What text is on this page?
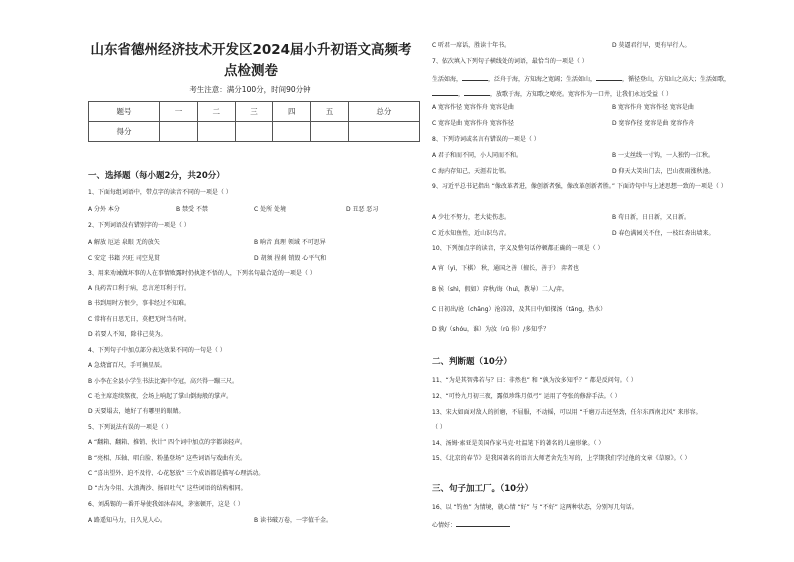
山东省德州经济技术开发区2024届小升初语文高频考点检测卷
考生注意：满分100分，时间90分钟
题号	一	二	三	四	五	总分
得分						
一、选择题（每小题2分，共20分）
1、下面每组词语中，带点字的读音不同的一项是（ ）
A 分外 本分	B 禁受 不禁	C 处所 处境	D 丑恶 恶习
2、下列词语没有错别字的一项是（ ）
A 解放 厄运 泉眼 无的放矢	B 晌音 真理 领域 不可思异
C 安定 书籍 兴旺 司空见贯	D 胡须 捏刹 销毁 心平气和
3、用来劝诫做坏事的人在事情败露时仍执迷不悟的人，下列名句最合适的一项是（ ）
A 良药苦口利于病，忠言逆耳利于行。
B 书到用时方恨少，事非经过不知难。
C 常将有日思无日，莫把无时当有时。
D 若要人不知，除非己莫为。
4、下列句子中加点部分表达效果不同的一句是（ ）
A 急烧富百尺，手可摘星辰。
B 小李在全县小学生书法比赛中夺冠，高兴得一蹦三尺。
C 毛主席连续熬夜，会场上响起了掌山倒海般的掌声。
D 天要塌去，她好了有哪里的眼睛。
5、下列说法有误的一项是（ ）
A “翻箱、翻箱、推销、伙计” 四个词中加点的字都读轻声。
B “亮相、压轴、唱白脸、粉墨登场” 这些词语与戏曲有关。
C “喜出望外、迫不及待、心花怒放” 三个成语都是描写心理活动。
D “古为今用、大浪淘沙、扬眉吐气” 这些词语的结构相同。
6、刘禹锡的一番开导使我如沐春风，茅塞顿开，这是（ ）
A 路遥知马力，日久见人心。	B 读书破万卷，一字值千金。
C 听君一席话，胜读十年书。	D 莫逼君行早，更有早行人。
7、依次填入下列句子横线处的词语，最恰当的一项是（ ）
生活如海，	，泛舟于海，方知海之宽阔；生活如山，	，循径登山，方知山之高大；生活如歌，
，	，放歌于海，方知歌之嘹亮。宽容作为一口井，让我们永远受益（ ）
A 宽容作径 宽容作舟 宽容是曲	B 宽容作舟 宽容作径 宽容是曲
C 宽容是曲 宽容作舟 宽容作径	D 宽容作径 宽容是曲 宽容作舟
8、下列诗词或名言有错误的一项是（ ）
A 君子和而不同，小人同而不和。	B 一丈丝线一寸钩，一人独钓一江秋。
C 海内存知己，天涯若比邻。	D 仰天大笑出门去，巴山夜雨涨秋池。
9、习近平总书记指出 “像改革者进，像创新者强，像改革创新者胜。” 下面诗句中与上述思想一致的一项是（ ）
A 少壮不努力，老大徒伤悲。	B 苟日新，日日新，又日新。
C 近水知鱼性，近山识鸟音。	D 春色满园关不住，一枝红杏出墙来。
10、下列加点字的读音，字义及整句话停顿都正确的一项是（ ）
A 宵（yì，下棋） 秋，通国之善（擅长，善于） 弈者也
B 侯（shì，假如）弈秋/诲（huì，教导）二人/弈。
C 日初出/沧（chāng）沧凉凉，及其日中/如探汤（tāng，热水）
D 孰/（shóu，谁）为汝（rǔ 你）/多知乎？
二、判断题（10分）
11、“为是其智弗若与？曰：非然也” 和 “孰为汝多知乎？” 都是反问句。（ ）
12、“可怜九月初三夜，露似珍珠月似弓” 运用了夸张的修辞手法。（ ）
13、宋大如面对敌人的折磨，不屈服，不动摇，可以用 “千磨万击还坚劲，任尔东西南北风” 来形容。
（ ）
14、汤姆·索亚是美国作家马克·吐温笔下的著名的儿童形象。（ ）
15、《北京的春节》是我国著名的语言大师老舍先生写的，上学期我们学过他的文章《草原》。（ ）
三、句子加工厂。（10分）
16、以 “钓鱼” 为情境，就心情 “好” 与 “不好” 这两种状态，分别写几句话。
心情好：
